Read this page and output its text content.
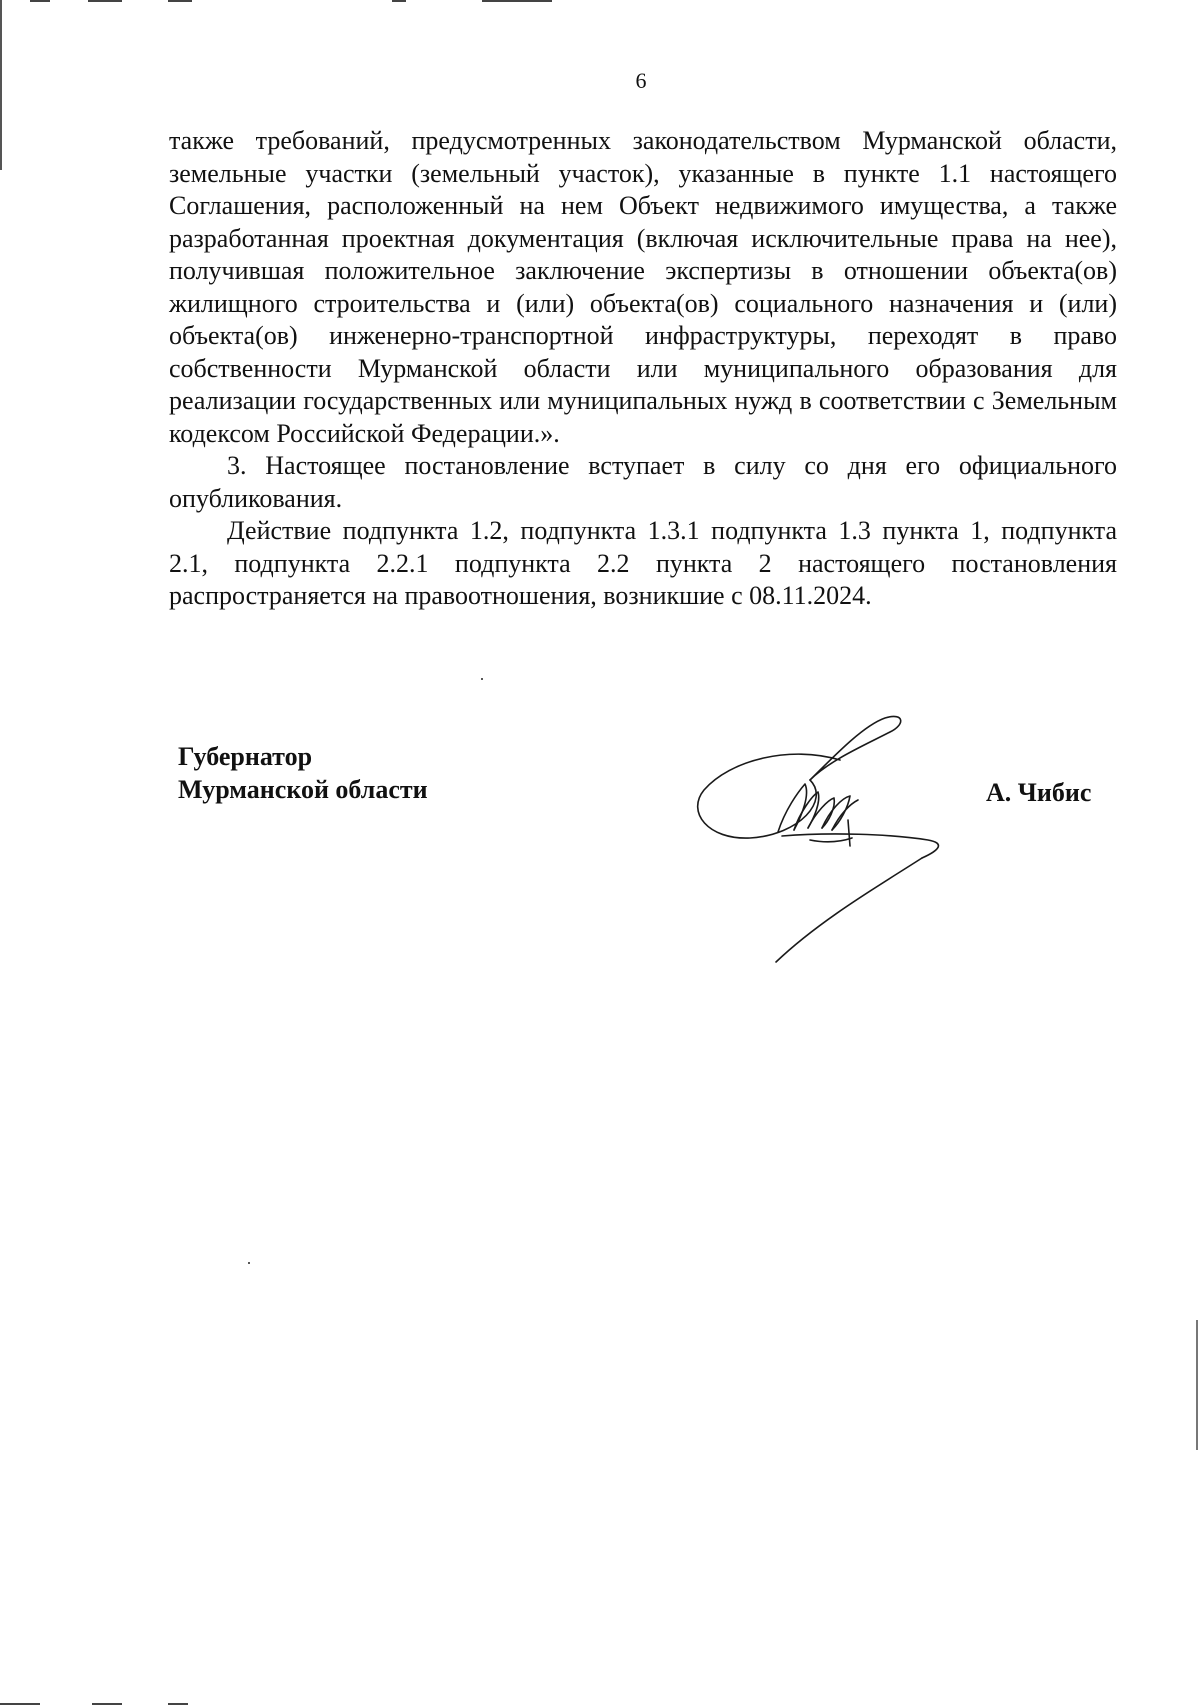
6

также требований, предусмотренных законодательством Мурманской области, земельные участки (земельный участок), указанные в пункте 1.1 настоящего Соглашения, расположенный на нем Объект недвижимого имущества, а также разработанная проектная документация (включая исключительные права на нее), получившая положительное заключение экспертизы в отношении объекта(ов) жилищного строительства и (или) объекта(ов) социального назначения и (или) объекта(ов) инженерно-транспортной инфраструктуры, переходят в право собственности Мурманской области или муниципального образования для реализации государственных или муниципальных нужд в соответствии с Земельным кодексом Российской Федерации.».

3. Настоящее постановление вступает в силу со дня его официального опубликования.

Действие подпункта 1.2, подпункта 1.3.1 подпункта 1.3 пункта 1, подпункта 2.1, подпункта 2.2.1 подпункта 2.2 пункта 2 настоящего постановления распространяется на правоотношения, возникшие с 08.11.2024.

Губернатор
Мурманской области	А. Чибис
